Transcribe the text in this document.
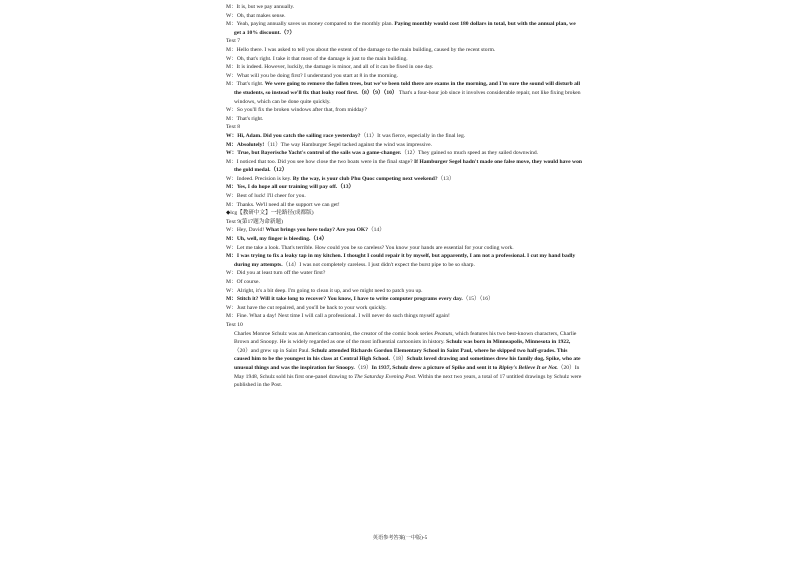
M：It is, but we pay annually.
W：Oh, that makes sense.
M：Yeah, paying annually saves us money compared to the monthly plan. Paying monthly would cost 180 dollars in total, but with the annual plan, we get a 10% discount.（7）
Text 7
M：Hello there. I was asked to tell you about the extent of the damage to the main building, caused by the recent storm.
W：Oh, that's right. I take it that most of the damage is just to the main building.
M：It is indeed. However, luckily, the damage is minor, and all of it can be fixed in one day.
W：What will you be doing first? I understand you start at 8 in the morning.
M：That's right. We were going to remove the fallen trees, but we've been told there are exams in the morning, and I'm sure the sound will disturb all the students, so instead we'll fix that leaky roof first.（8）（9）（10） That's a four-hour job since it involves considerable repair, not like fixing broken windows, which can be done quite quickly.
W：So you'll fix the broken windows after that, from midday?
M：That's right.
Text 8
W：Hi, Adam. Did you catch the sailing race yesterday?（11）It was fierce, especially in the final leg.
M：Absolutely!（11）The way Hamburger Segel tacked against the wind was impressive.
W：True, but Bayerische Yacht's control of the sails was a game-changer.（12）They gained so much speed as they sailed downwind.
M：I noticed that too. Did you see how close the two boats were in the final stage? If Hamburger Segel hadn't made one false move, they would have won the gold medal.（12）
W：Indeed. Precision is key. By the way, is your club Phu Quoc competing next weekend?（13）
M：Yes, I do hope all our training will pay off.（13）
W：Best of luck! I'll cheer for you.
M：Thanks. We'll need all the support we can get!
◆lcg【教研中文】一轮路径(成都版)
Text 9(第17题为命新题)
W：Hey, David! What brings you here today? Are you OK?（14）
M：Uh, well, my finger is bleeding.（14）
W：Let me take a look. That's terrible. How could you be so careless? You know your hands are essential for your coding work.
M：I was trying to fix a leaky tap in my kitchen. I thought I could repair it by myself, but apparently, I am not a professional. I cut my hand badly during my attempts.（14）I was not completely careless. I just didn't expect the burst pipe to be so sharp.
W：Did you at least turn off the water first?
M：Of course.
W：Alright, it's a bit deep. I'm going to clean it up, and we might need to patch you up.
M：Stitch it? Will it take long to recover? You know, I have to write computer programs every day.（15）（16）
W：Just have the cut repaired, and you'll be back to your work quickly.
M：Fine. What a day! Next time I will call a professional. I will never do such things myself again!
Text 10
Charles Monroe Schulz was an American cartoonist, the creator of the comic book series Peanuts, which features his two best-known characters, Charlie Brown and Snoopy. He is widely regarded as one of the most influential cartoonists in history. Schulz was born in Minneapolis, Minnesota in 1922,（20）and grew up in Saint Paul. Schulz attended Richards Gordon Elementary School in Saint Paul, where he skipped two half-grades. This caused him to be the youngest in his class at Central High School.（18）Schulz loved drawing and sometimes drew his family dog, Spike, who ate unusual things and was the inspiration for Snoopy.（19）In 1937, Schulz drew a picture of Spike and sent it to Ripley's Believe It or Not.（20）In May 1948, Schulz sold his first one-panel drawing to The Saturday Evening Post. Within the next two years, a total of 17 untitled drawings by Schulz were published in the Post.
英语参考答案(一中版)-5
